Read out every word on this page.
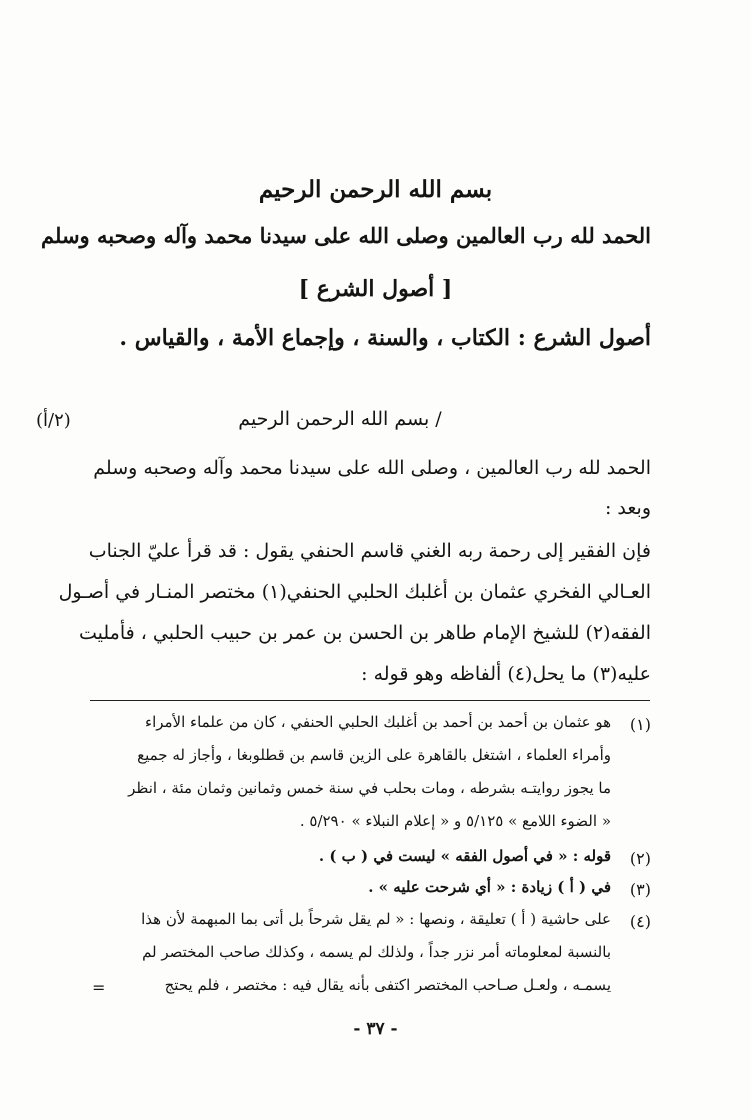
بسم الله الرحمن الرحيم
الحمد لله رب العالمين وصلى الله على سيدنا محمد وآله وصحبه وسلم
[ أصول الشرع ]
أصول الشرع : الكتاب ، والسنة ، وإجماع الأمة ، والقياس .
(٢/أ)	/ بسم الله الرحمن الرحيم
الحمد لله رب العالمين ، وصلى الله على سيدنا محمد وآله وصحبه وسلم
وبعد :
فإن الفقير إلى رحمة ربه الغني قاسم الحنفي يقول : قد قرأ عليّ الجناب
العـالي الفخري عثمان بن أغلبك الحلبي الحنفي(١) مختصر المنـار في أصـول
الفقه(٢) للشيخ الإمام طاهر بن الحسن بن عمر بن حبيب الحلبي ، فأمليت
عليه(٣) ما يحل(٤) ألفاظه وهو قوله :
(١)
هو عثمان بن أحمد بن أحمد بن أغلبك الحلبي الحنفي ، كان من علماء الأمراء
وأمراء العلماء ، اشتغل بالقاهرة على الزين قاسم بن قطلوبغا ، وأجاز له جميع
ما يجوز روايتـه بشرطه ، ومات بحلب في سنة خمس وثمانين وثمان مئة ، انظر
« الضوء اللامع » ٥/١٢٥ و « إعلام النبلاء » ٥/٢٩٠ .
(٢)
قوله : « في أصول الفقه » ليست في ( ب ) .
(٣)
في ( أ ) زيادة : « أي شرحت عليه » .
(٤)
على حاشية ( أ ) تعليقة ، ونصها : « لم يقل شرحاً بل أتى بما المبهمة لأن هذا
بالنسبة لمعلوماته أمر نزر جداً ، ولذلك لم يسمه ، وكذلك صاحب المختصر لم
يسمـه ، ولعـل صـاحب المختصر اكتفى بأنه يقال فيه : مختصر ، فلم يحتج
=
- ٣٧ -
